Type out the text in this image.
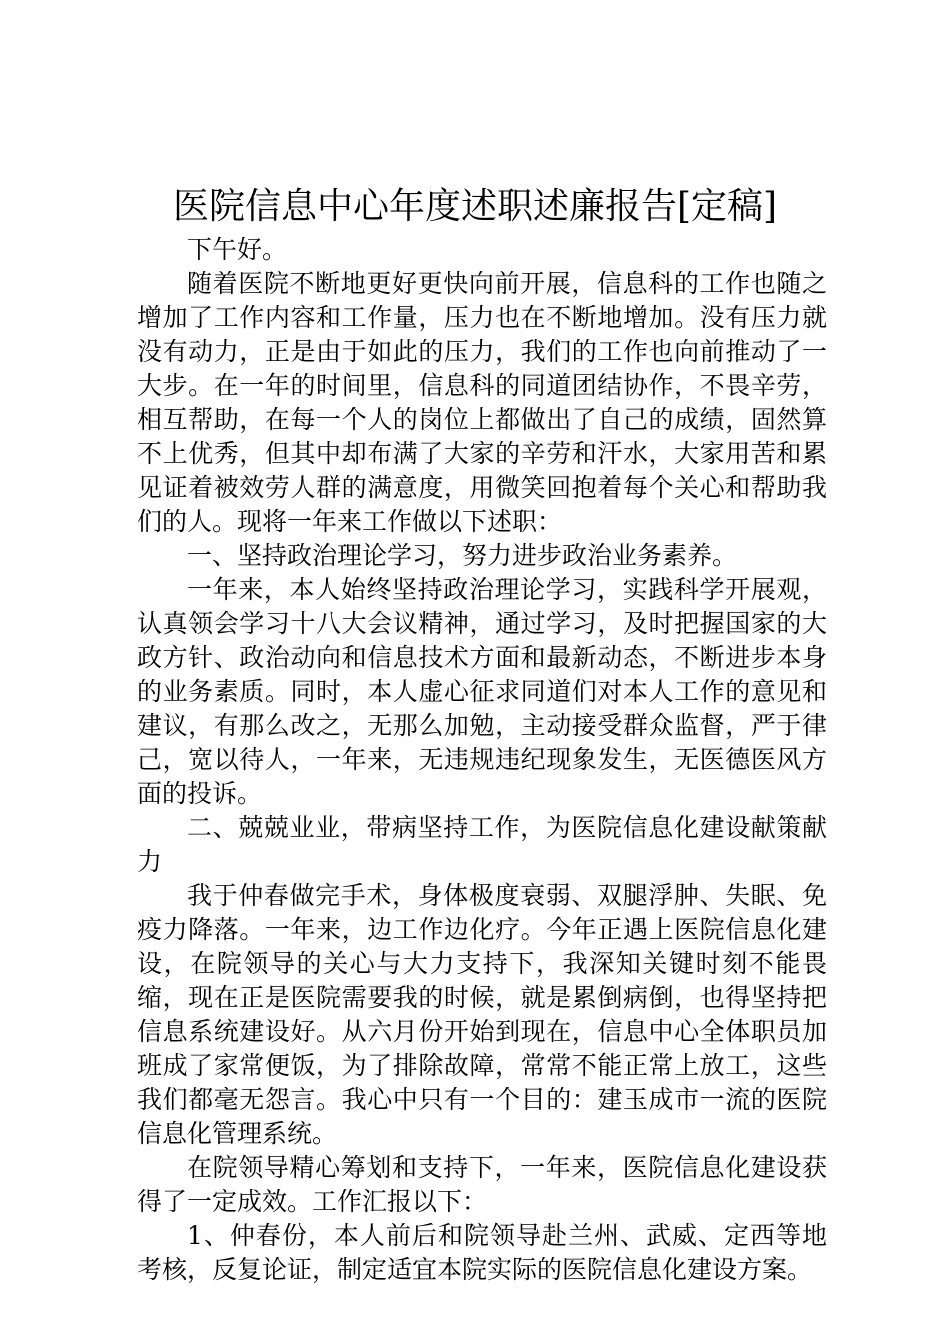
医院信息中心年度述职述廉报告[定稿]

下午好。

随着医院不断地更好更快向前开展，信息科的工作也随之增加了工作内容和工作量，压力也在不断地增加。没有压力就没有动力，正是由于如此的压力，我们的工作也向前推动了一大步。在一年的时间里，信息科的同道团结协作，不畏辛劳，相互帮助，在每一个人的岗位上都做出了自己的成绩，固然算不上优秀，但其中却布满了大家的辛劳和汗水，大家用苦和累见证着被效劳人群的满意度，用微笑回抱着每个关心和帮助我们的人。现将一年来工作做以下述职：

一、坚持政治理论学习，努力进步政治业务素养。

一年来，本人始终坚持政治理论学习，实践科学开展观，认真领会学习十八大会议精神，通过学习，及时把握国家的大政方针、政治动向和信息技术方面和最新动态，不断进步本身的业务素质。同时，本人虚心征求同道们对本人工作的意见和建议，有那么改之，无那么加勉，主动接受群众监督，严于律己，宽以待人，一年来，无违规违纪现象发生，无医德医风方面的投诉。

二、兢兢业业，带病坚持工作，为医院信息化建设献策献力

我于仲春做完手术，身体极度衰弱、双腿浮肿、失眠、免疫力降落。一年来，边工作边化疗。今年正遇上医院信息化建设，在院领导的关心与大力支持下，我深知关键时刻不能畏缩，现在正是医院需要我的时候，就是累倒病倒，也得坚持把信息系统建设好。从六月份开始到现在，信息中心全体职员加班成了家常便饭，为了排除故障，常常不能正常上放工，这些我们都毫无怨言。我心中只有一个目的：建玉成市一流的医院信息化管理系统。

在院领导精心筹划和支持下，一年来，医院信息化建设获得了一定成效。工作汇报以下：

1、仲春份，本人前后和院领导赴兰州、武威、定西等地考核，反复论证，制定适宜本院实际的医院信息化建设方案。
